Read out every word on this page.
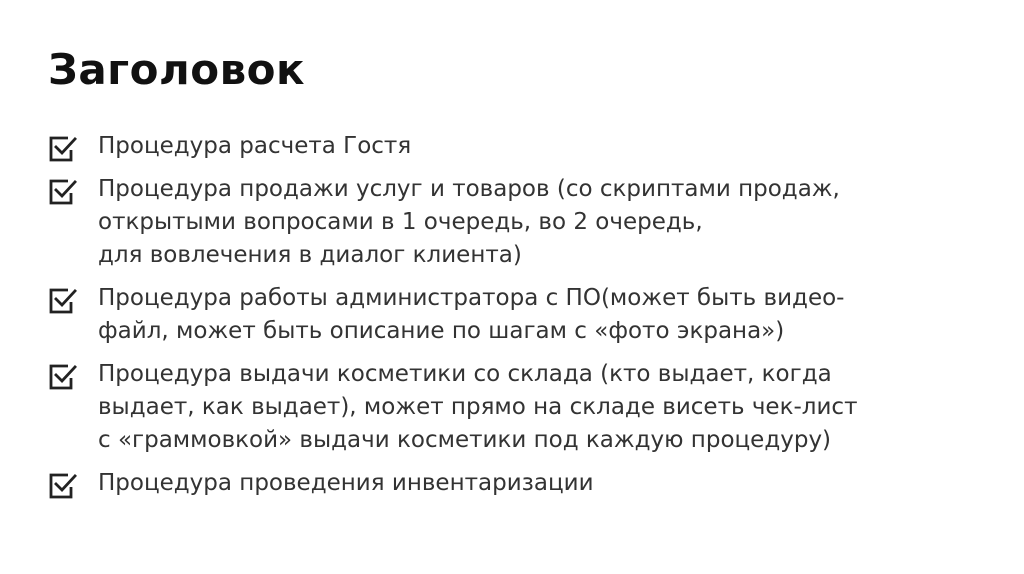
Заголовок
Процедура расчета Гостя
Процедура продажи услуг и товаров (со скриптами продаж,
открытыми вопросами в 1 очередь, во 2 очередь,
для вовлечения в диалог клиента)
Процедура работы администратора с ПО(может быть видео-
файл, может быть описание по шагам с «фото экрана»)
Процедура выдачи косметики со склада (кто выдает, когда
выдает, как выдает), может прямо на складе висеть чек-лист
с «граммовкой» выдачи косметики под каждую процедуру)
Процедура проведения инвентаризации
